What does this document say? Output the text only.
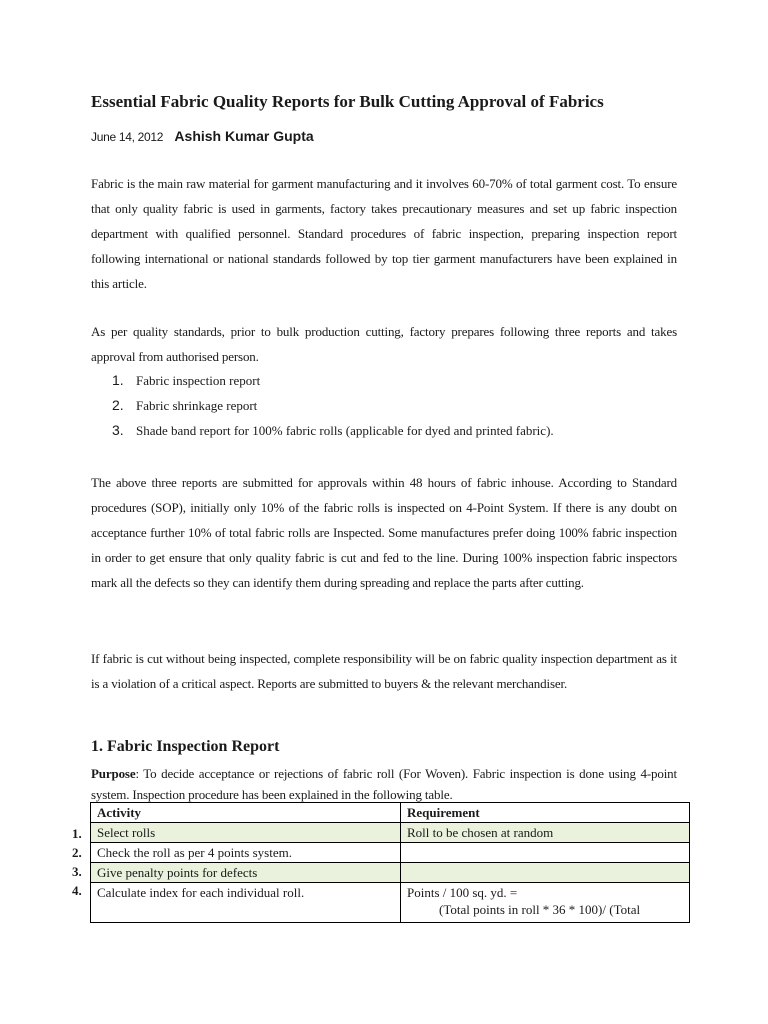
Essential Fabric Quality Reports for Bulk Cutting Approval of Fabrics
June 14, 2012 Ashish Kumar Gupta
Fabric is the main raw material for garment manufacturing and it involves 60-70% of total garment cost. To ensure that only quality fabric is used in garments, factory takes precautionary measures and set up fabric inspection department with qualified personnel. Standard procedures of fabric inspection, preparing inspection report following international or national standards followed by top tier garment manufacturers have been explained in this article.
As per quality standards, prior to bulk production cutting, factory prepares following three reports and takes approval from authorised person.
1. Fabric inspection report
2. Fabric shrinkage report
3. Shade band report for 100% fabric rolls (applicable for dyed and printed fabric).
The above three reports are submitted for approvals within 48 hours of fabric inhouse. According to Standard procedures (SOP), initially only 10% of the fabric rolls is inspected on 4-Point System. If there is any doubt on acceptance further 10% of total fabric rolls are Inspected. Some manufactures prefer doing 100% fabric inspection in order to get ensure that only quality fabric is cut and fed to the line. During 100% inspection fabric inspectors mark all the defects so they can identify them during spreading and replace the parts after cutting.
If fabric is cut without being inspected, complete responsibility will be on fabric quality inspection department as it is a violation of a critical aspect. Reports are submitted to buyers & the relevant merchandiser.
1. Fabric Inspection Report
Purpose: To decide acceptance or rejections of fabric roll (For Woven). Fabric inspection is done using 4-point system. Inspection procedure has been explained in the following table.
1.
2.
3.
4.
Activity	Requirement
Select rolls	Roll to be chosen at random
Check the roll as per 4 points system.	
Give penalty points for defects	
Calculate index for each individual roll.	Points / 100 sq. yd. =
(Total points in roll * 36 * 100)/ (Total
